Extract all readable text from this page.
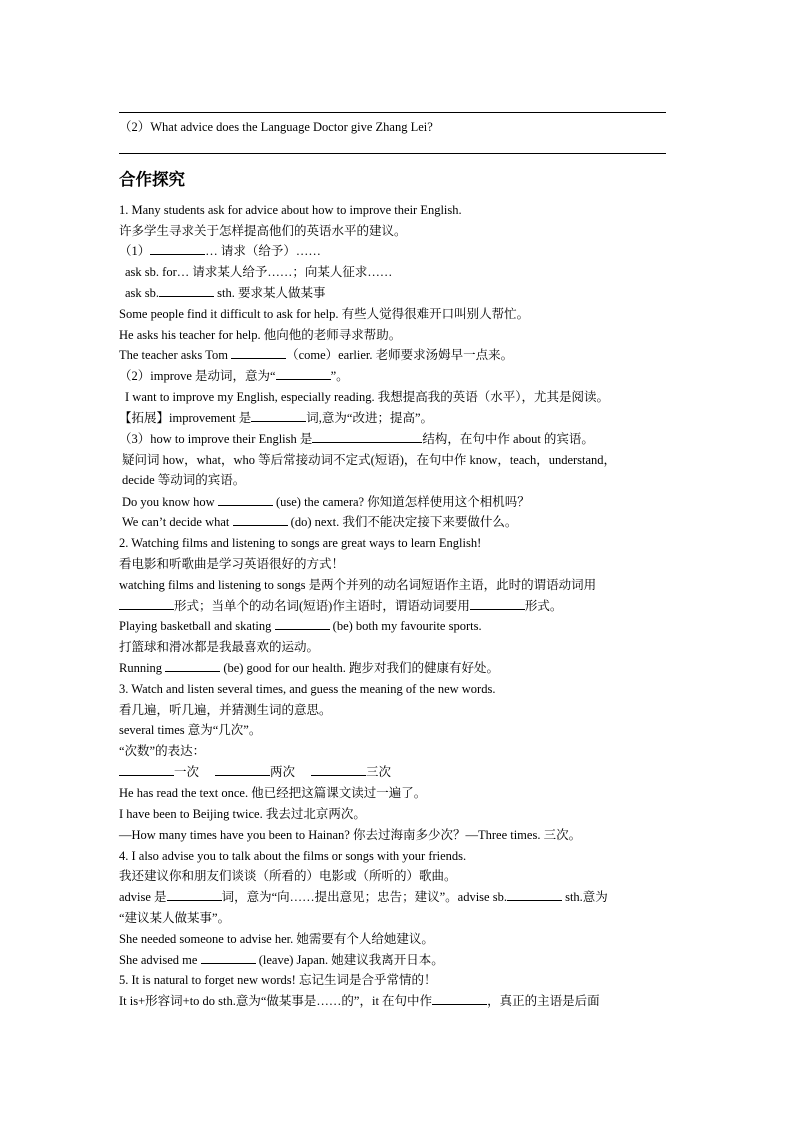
（2）What advice does the Language Doctor give Zhang Lei?
合作探究
1. Many students ask for advice about how to improve their English.
许多学生寻求关于怎样提高他们的英语水平的建议。
（1）	… 请求（给予）……
ask sb. for… 请求某人给予……；向某人征求……
ask sb.	sth. 要求某人做某事
Some people find it difficult to ask for help. 有些人觉得很难开口叫别人帮忙。
He asks his teacher for help. 他向他的老师寻求帮助。
The teacher asks Tom	（come）earlier. 老师要求汤姆早一点来。
（2）improve 是动词，意为“	”。
I want to improve my English, especially reading. 我想提高我的英语（水平），尤其是阅读。
【拓展】improvement 是	词,意为“改进；提高”。
（3）how to improve their English 是	结构，在句中作 about 的宾语。
疑问词 how，what，who 等后常接动词不定式(短语)，在句中作 know，teach，understand，
decide 等动词的宾语。
Do you know how	(use) the camera? 你知道怎样使用这个相机吗？
We can’t decide what	(do) next. 我们不能决定接下来要做什么。
2. Watching films and listening to songs are great ways to learn English!
看电影和听歌曲是学习英语很好的方式！
watching films and listening to songs 是两个并列的动名词短语作主语，此时的谓语动词用
形式；当单个的动名词(短语)作主语时，谓语动词要用	形式。
Playing basketball and skating	(be) both my favourite sports.
打篮球和滑冰都是我最喜欢的运动。
Running	(be) good for our health. 跑步对我们的健康有好处。
3. Watch and listen several times, and guess the meaning of the new words.
看几遍，听几遍，并猜测生词的意思。
several times 意为“几次”。
“次数”的表达：
一次	两次	三次
He has read the text once. 他已经把这篇课文读过一遍了。
I have been to Beijing twice. 我去过北京两次。
—How many times have you been to Hainan? 你去过海南多少次？—Three times. 三次。
4. I also advise you to talk about the films or songs with your friends.
我还建议你和朋友们谈谈（所看的）电影或（所听的）歌曲。
advise 是	词，意为“向……提出意见；忠告；建议”。advise sb.	sth.意为
“建议某人做某事”。
She needed someone to advise her. 她需要有个人给她建议。
She advised me	(leave) Japan. 她建议我离开日本。
5. It is natural to forget new words! 忘记生词是合乎常情的！
It is+形容词+to do sth.意为“做某事是……的”，it 在句中作	，真正的主语是后面
